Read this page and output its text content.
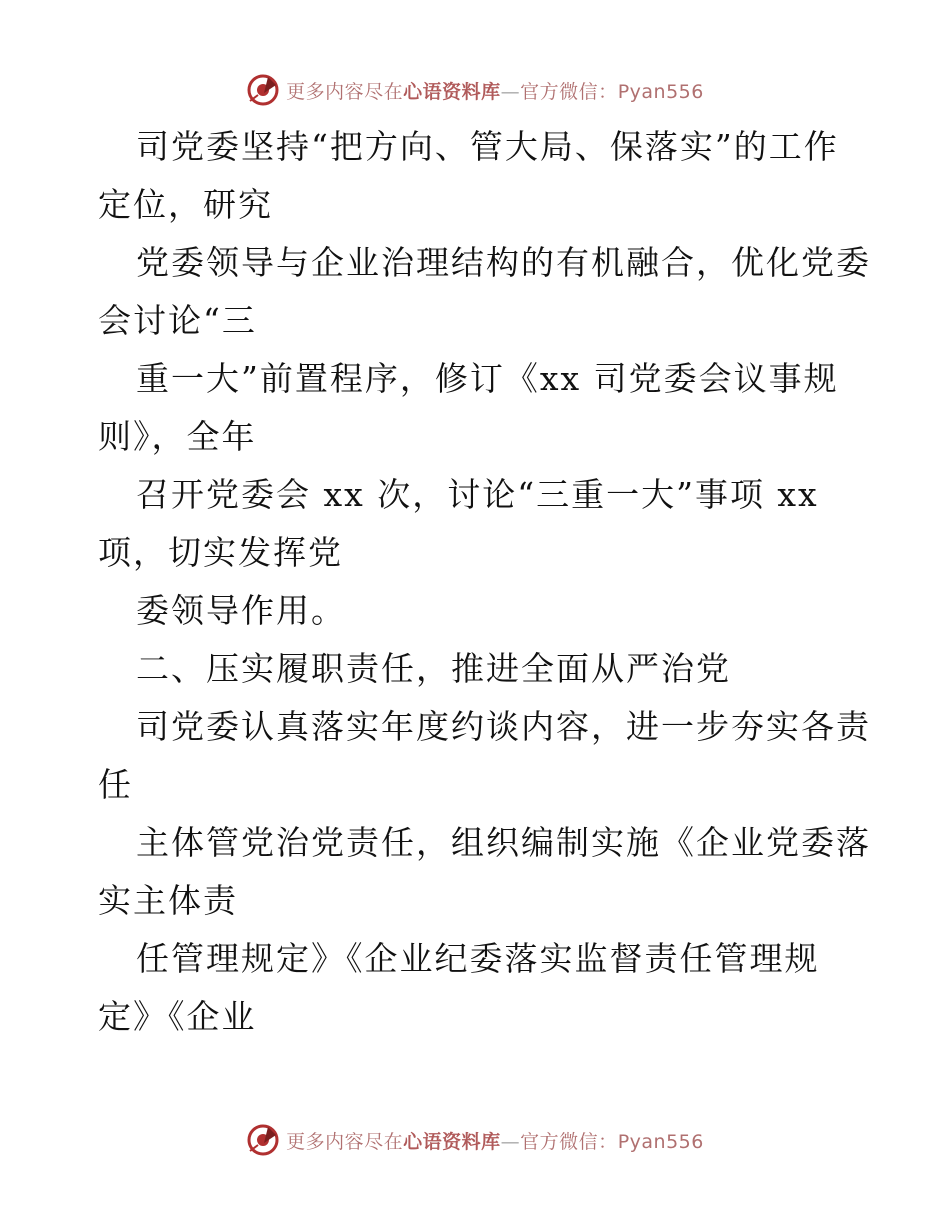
更多内容尽在心语资料库—官方微信：Pyan556
司党委坚持“把方向、管大局、保落实”的工作
定位，研究
党委领导与企业治理结构的有机融合，优化党委
会讨论“三
重一大”前置程序，修订《xx 司党委会议事规
则》，全年
召开党委会 xx 次，讨论“三重一大”事项 xx
项，切实发挥党
委领导作用。
二、压实履职责任，推进全面从严治党
司党委认真落实年度约谈内容，进一步夯实各责
任
主体管党治党责任，组织编制实施《企业党委落
实主体责
任管理规定》《企业纪委落实监督责任管理规
定》《企业
更多内容尽在心语资料库—官方微信：Pyan556
